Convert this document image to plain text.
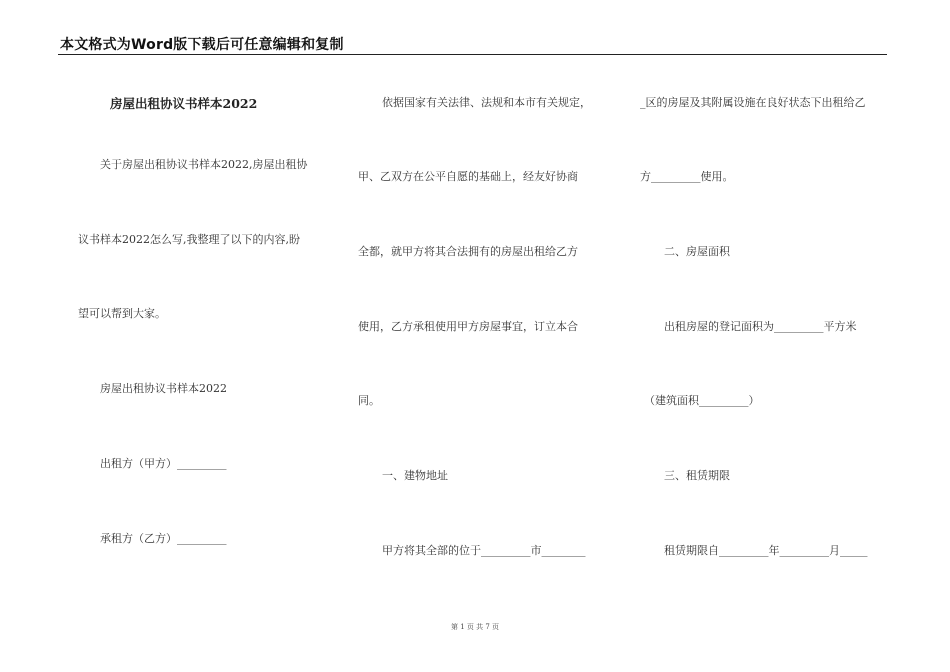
本文格式为Word版下载后可任意编辑和复制
房屋出租协议书样本2022
关于房屋出租协议书样本2022,房屋出租协
议书样本2022怎么写,我整理了以下的内容,盼
望可以帮到大家。
房屋出租协议书样本2022
出租方（甲方）_________
承租方（乙方）_________
依据国家有关法律、法规和本市有关规定，
甲、乙双方在公平自愿的基础上，经友好协商
全都，就甲方将其合法拥有的房屋出租给乙方
使用，乙方承租使用甲方房屋事宜，订立本合
同。
一、建物地址
甲方将其全部的位于_________市________
_区的房屋及其附属设施在良好状态下出租给乙
方_________使用。
二、房屋面积
出租房屋的登记面积为_________平方米
（建筑面积_________）
三、租赁期限
租赁期限自_________年_________月_____
第 1 页 共 7 页
